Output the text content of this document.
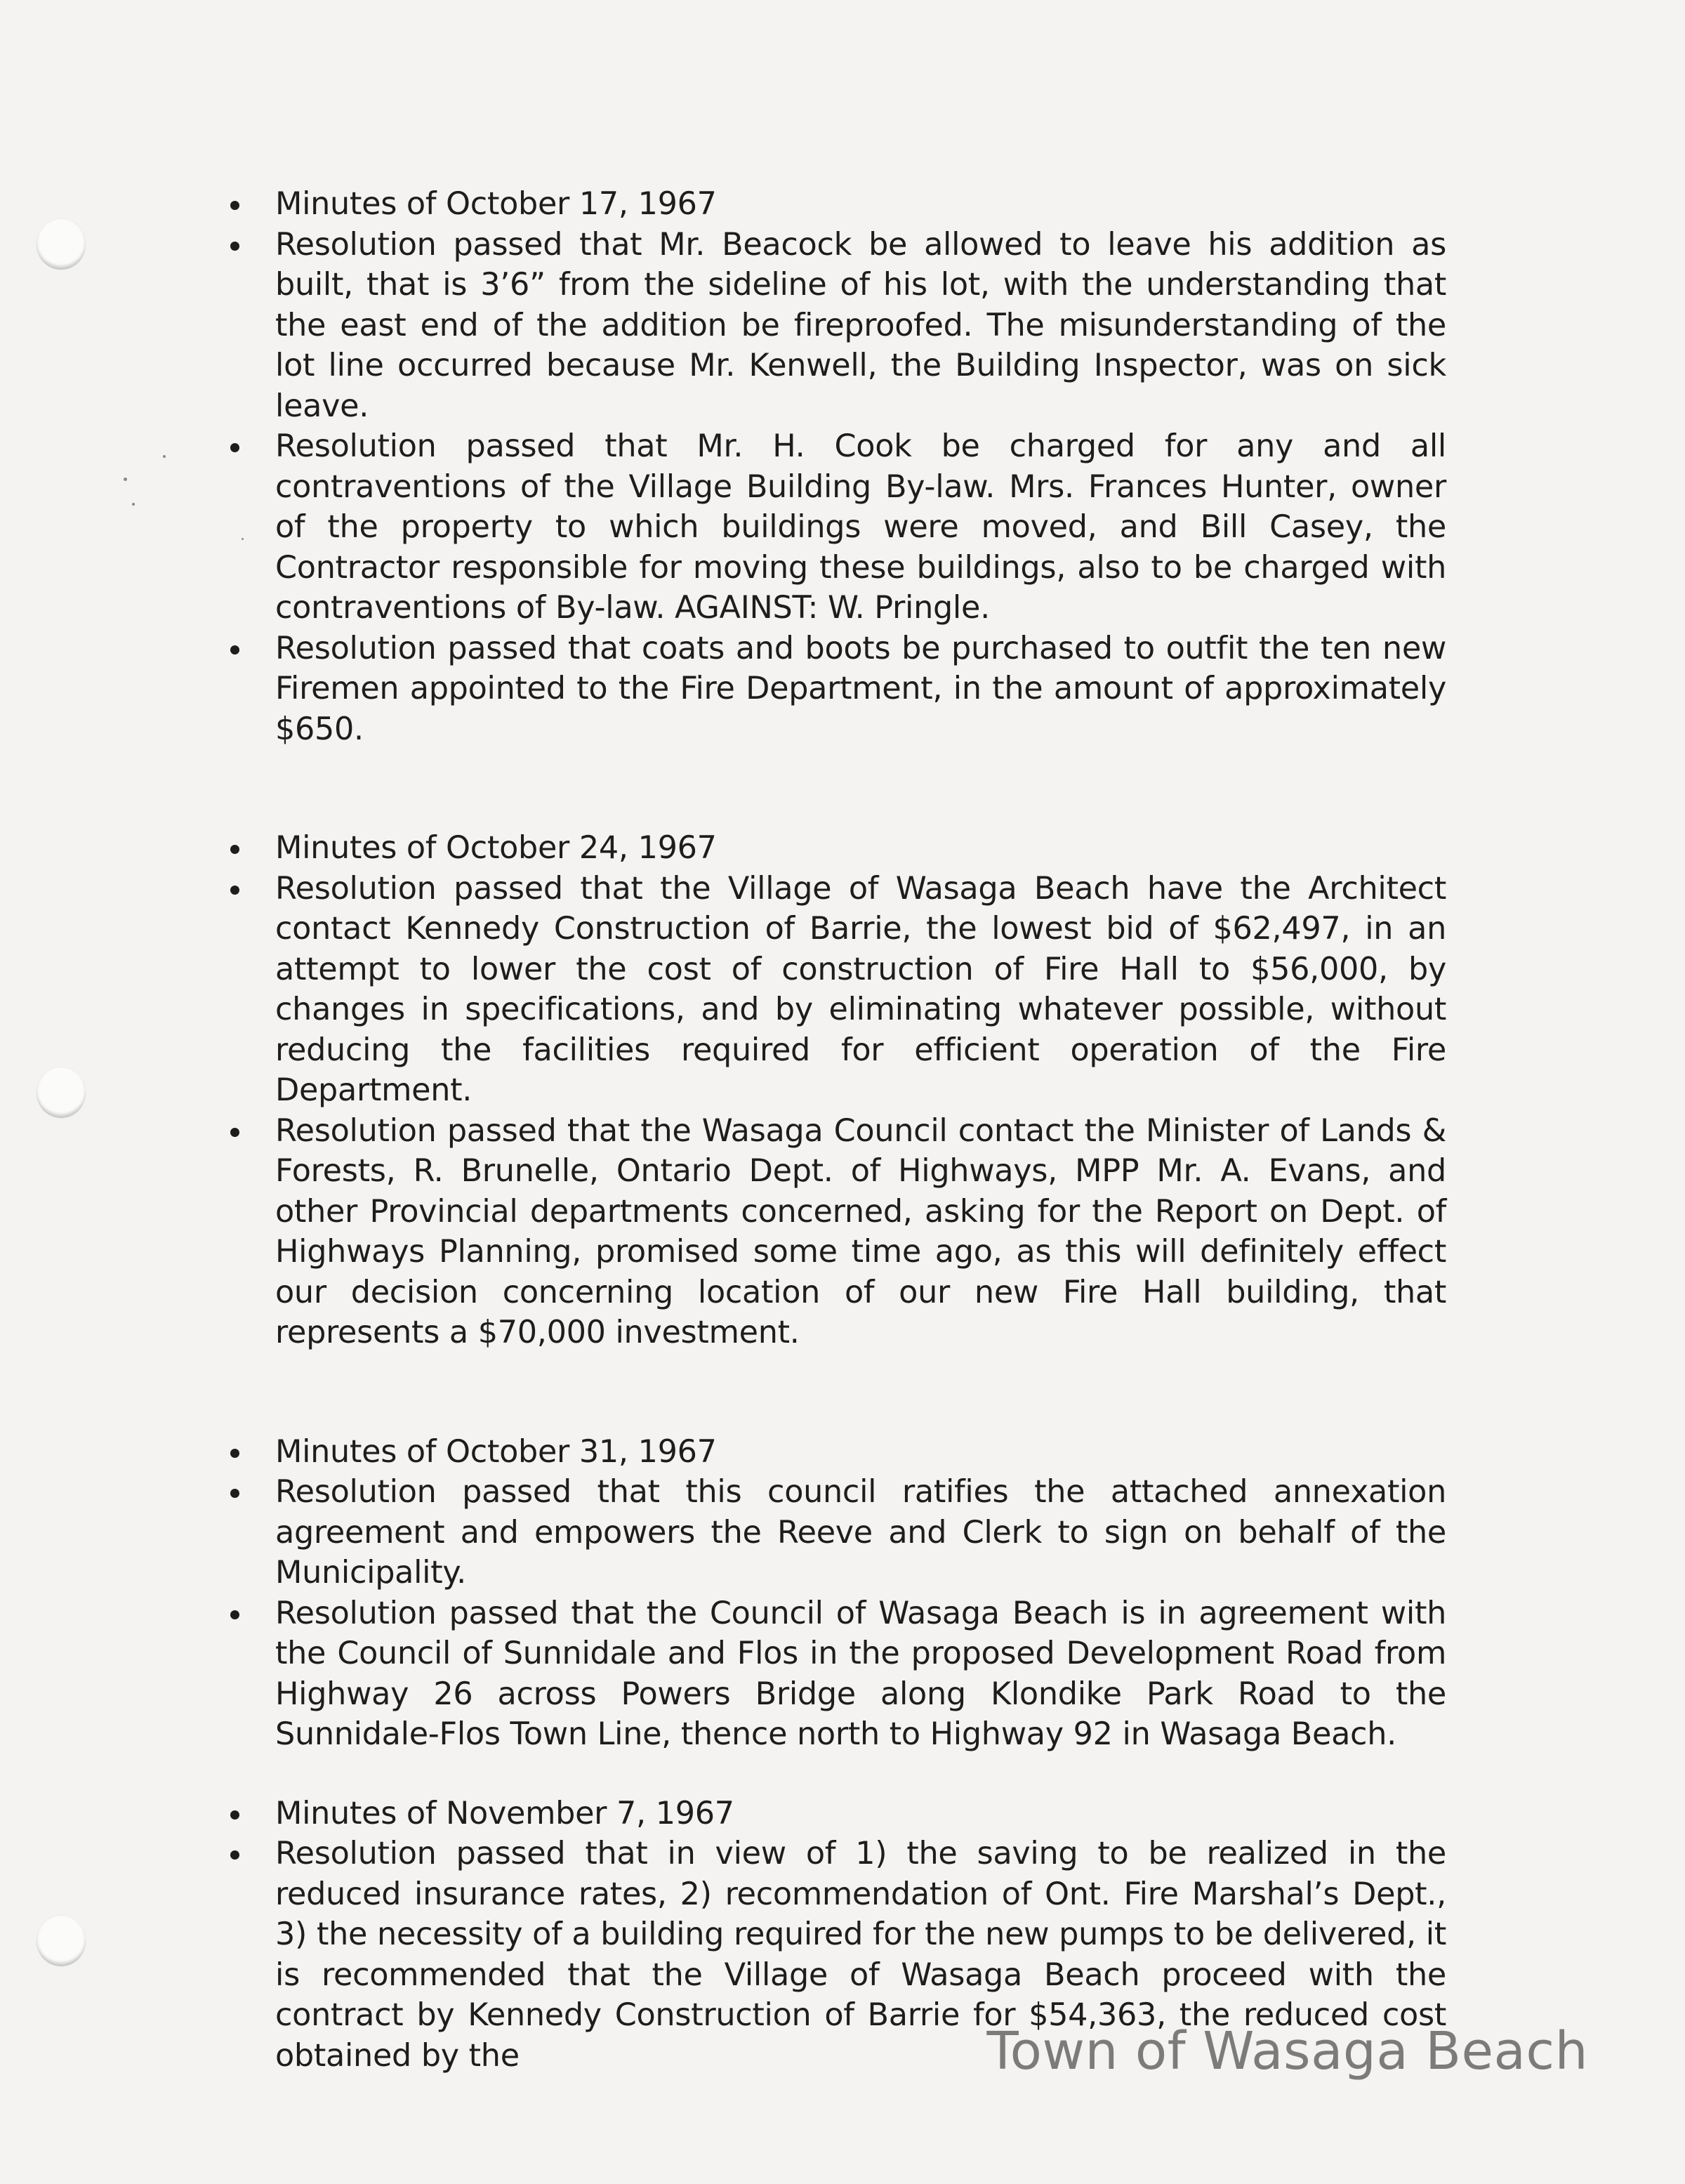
Minutes of October 17, 1967
Resolution passed that Mr. Beacock be allowed to leave his addition as built, that is 3’6” from the sideline of his lot, with the understanding that the east end of the addition be fireproofed. The misunderstanding of the lot line occurred because Mr. Kenwell, the Building Inspector, was on sick leave.
Resolution passed that Mr. H. Cook be charged for any and all contraventions of the Village Building By-law. Mrs. Frances Hunter, owner of the property to which buildings were moved, and Bill Casey, the Contractor responsible for moving these buildings, also to be charged with contraventions of By-law. AGAINST: W. Pringle.
Resolution passed that coats and boots be purchased to outfit the ten new Firemen appointed to the Fire Department, in the amount of approximately $650.
Minutes of October 24, 1967
Resolution passed that the Village of Wasaga Beach have the Architect contact Kennedy Construction of Barrie, the lowest bid of $62,497, in an attempt to lower the cost of construction of Fire Hall to $56,000, by changes in specifications, and by eliminating whatever possible, without reducing the facilities required for efficient operation of the Fire Department.
Resolution passed that the Wasaga Council contact the Minister of Lands & Forests, R. Brunelle, Ontario Dept. of Highways, MPP Mr. A. Evans, and other Provincial departments concerned, asking for the Report on Dept. of Highways Planning, promised some time ago, as this will definitely effect our decision concerning location of our new Fire Hall building, that represents a $70,000 investment.
Minutes of October 31, 1967
Resolution passed that this council ratifies the attached annexation agreement and empowers the Reeve and Clerk to sign on behalf of the Municipality.
Resolution passed that the Council of Wasaga Beach is in agreement with the Council of Sunnidale and Flos in the proposed Development Road from Highway 26 across Powers Bridge along Klondike Park Road to the Sunnidale-Flos Town Line, thence north to Highway 92 in Wasaga Beach.
Minutes of November 7, 1967
Resolution passed that in view of 1) the saving to be realized in the reduced insurance rates, 2) recommendation of Ont. Fire Marshal’s Dept., 3) the necessity of a building required for the new pumps to be delivered, it is recommended that the Village of Wasaga Beach proceed with the contract by Kennedy Construction of Barrie for $54,363, the reduced cost obtained by the	Town of Wasaga Beach
